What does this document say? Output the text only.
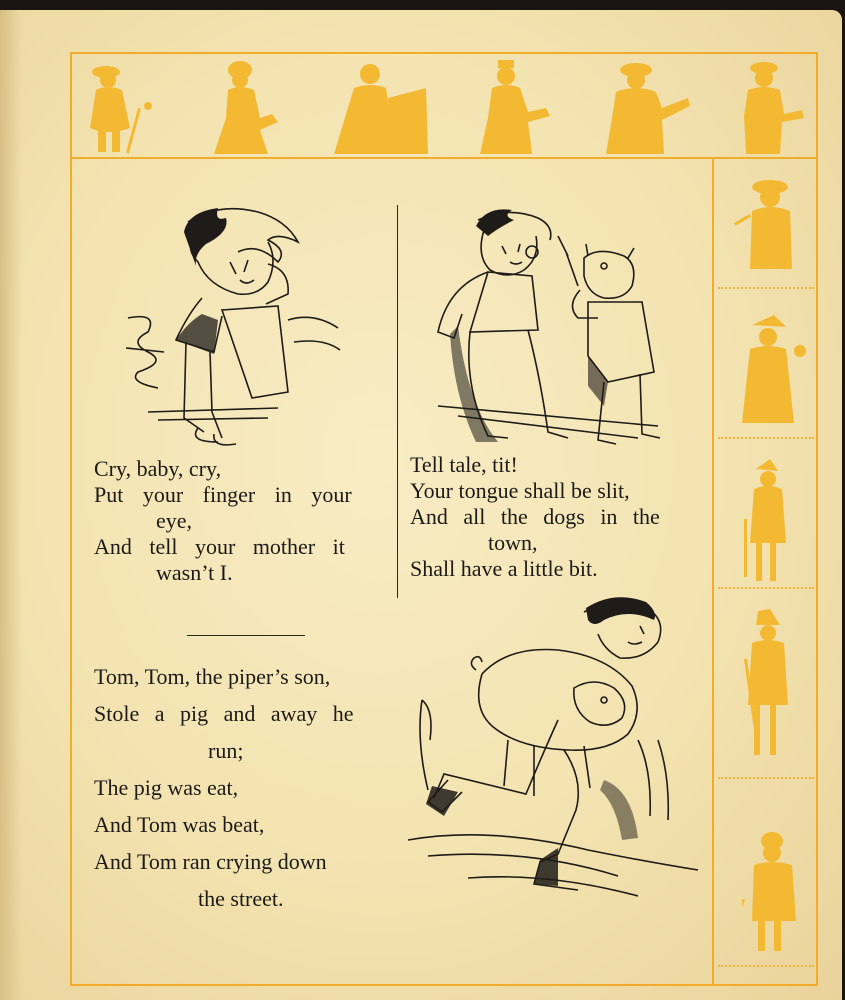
Cry, baby, cry,
Put your finger in your
eye,
And tell your mother it
wasn’t I.
Tell tale, tit!
Your tongue shall be slit,
And all the dogs in the
town,
Shall have a little bit.
Tom, Tom, the piper’s son,
Stole a pig and away he
run;
The pig was eat,
And Tom was beat,
And Tom ran crying down
the street.
